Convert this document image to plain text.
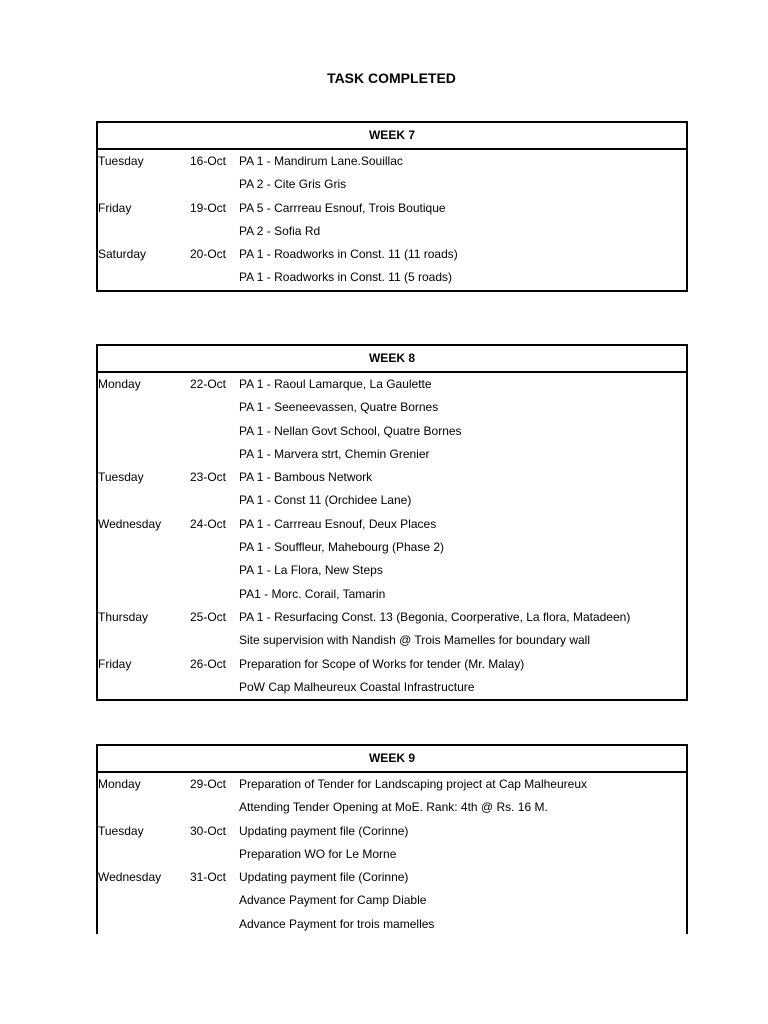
TASK COMPLETED
WEEK 7
Tuesday	16-Oct PA 1 - Mandirum Lane.Souillac
PA 2 - Cite Gris Gris
Friday	19-Oct PA 5 - Carrreau Esnouf, Trois Boutique
PA 2 - Sofia Rd
Saturday	20-Oct PA 1 - Roadworks in Const. 11 (11 roads)
PA 1 - Roadworks in Const. 11 (5 roads)
WEEK 8
Monday	22-Oct PA 1 - Raoul Lamarque, La Gaulette
PA 1 - Seeneevassen, Quatre Bornes
PA 1 - Nellan Govt School, Quatre Bornes
PA 1 - Marvera strt, Chemin Grenier
Tuesday	23-Oct PA 1 - Bambous Network
PA 1 - Const 11 (Orchidee Lane)
Wednesday	24-Oct PA 1 - Carrreau Esnouf, Deux Places
PA 1 - Souffleur, Mahebourg (Phase 2)
PA 1 - La Flora, New Steps
PA1 - Morc. Corail, Tamarin
Thursday	25-Oct PA 1 - Resurfacing Const. 13 (Begonia, Coorperative, La flora, Matadeen)
Site supervision with Nandish @ Trois Mamelles for boundary wall
Friday	26-Oct Preparation for Scope of Works for tender (Mr. Malay)
PoW Cap Malheureux Coastal Infrastructure
WEEK 9
Monday	29-Oct Preparation of Tender for Landscaping project at Cap Malheureux
Attending Tender Opening at MoE. Rank: 4th @ Rs. 16 M.
Tuesday	30-Oct Updating payment file (Corinne)
Preparation WO for Le Morne
Wednesday	31-Oct Updating payment file (Corinne)
Advance Payment for Camp Diable
Advance Payment for trois mamelles
